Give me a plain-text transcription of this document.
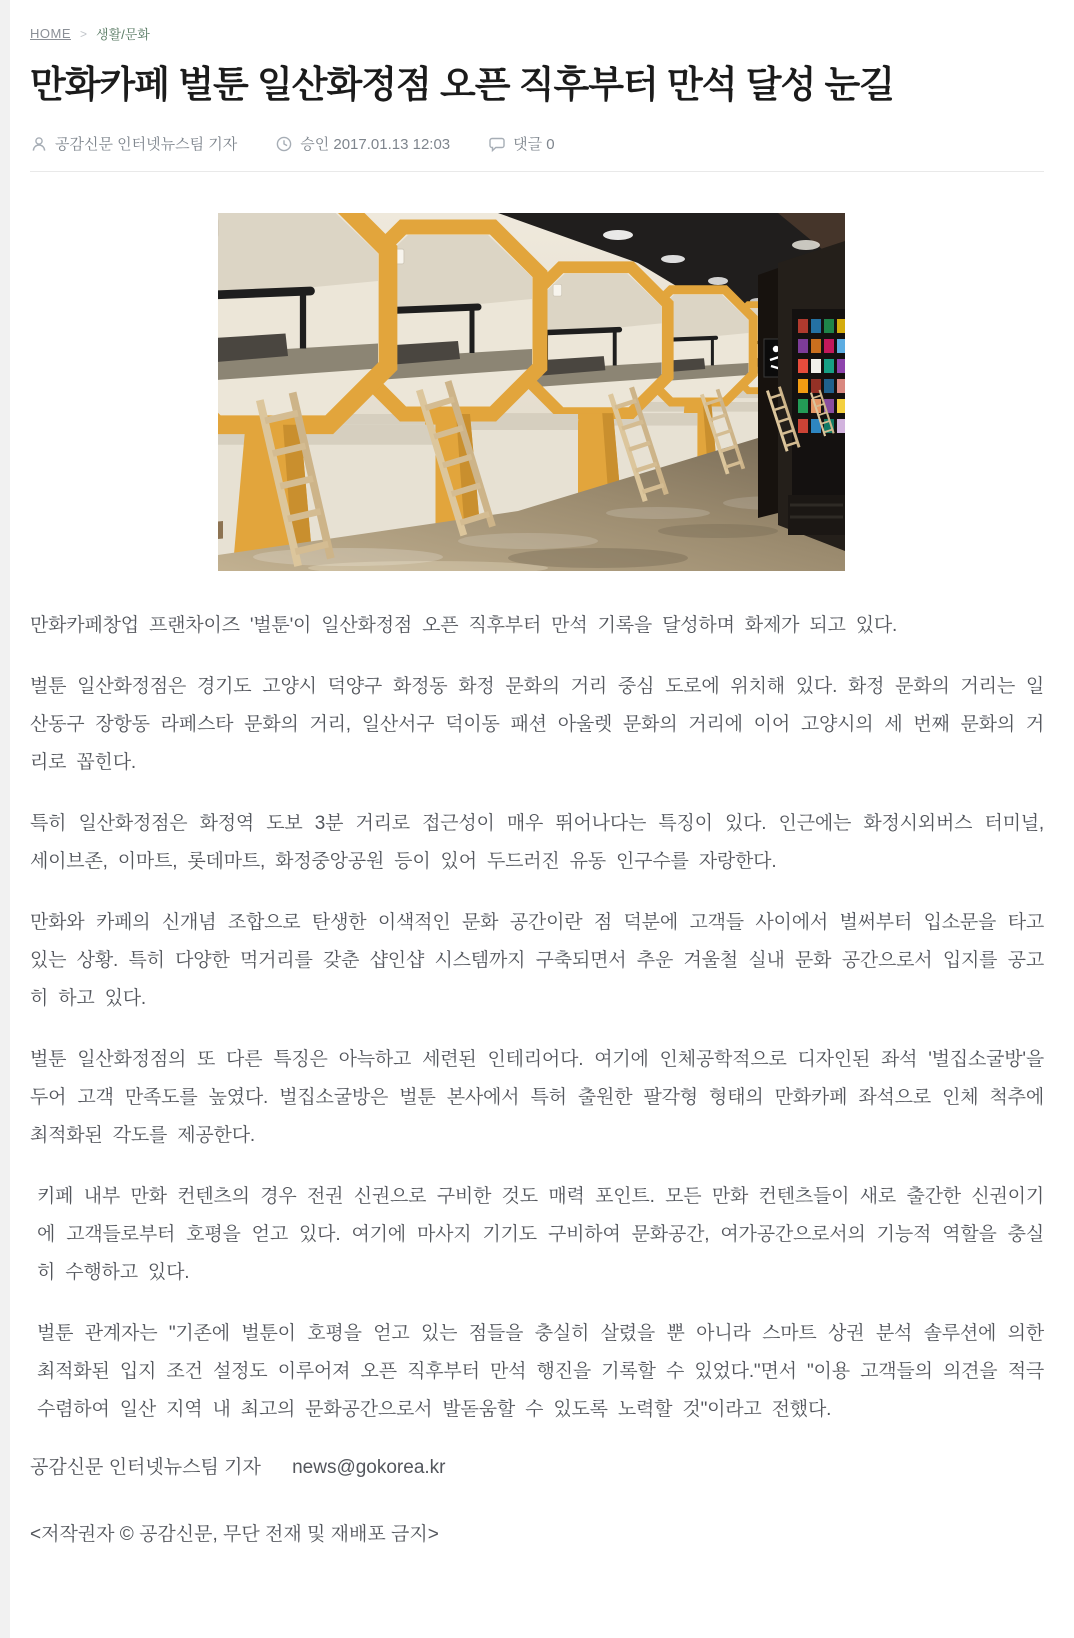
HOME > 생활/문화
만화카페 벌툰 일산화정점 오픈 직후부터 만석 달성 눈길
공감신문 인터넷뉴스팀 기자	승인 2017.01.13 12:03	댓글 0

만화카페창업 프랜차이즈 '벌툰'이 일산화정점 오픈 직후부터 만석 기록을 달성하며 화제가 되고 있다.

벌툰 일산화정점은 경기도 고양시 덕양구 화정동 화정 문화의 거리 중심 도로에 위치해 있다. 화정 문화의 거리는 일산동구 장항동 라페스타 문화의 거리, 일산서구 덕이동 패션 아울렛 문화의 거리에 이어 고양시의 세 번째 문화의 거리로 꼽힌다.

특히 일산화정점은 화정역 도보 3분 거리로 접근성이 매우 뛰어나다는 특징이 있다. 인근에는 화정시외버스 터미널, 세이브존, 이마트, 롯데마트, 화정중앙공원 등이 있어 두드러진 유동 인구수를 자랑한다.

만화와 카페의 신개념 조합으로 탄생한 이색적인 문화 공간이란 점 덕분에 고객들 사이에서 벌써부터 입소문을 타고 있는 상황. 특히 다양한 먹거리를 갖춘 샵인샵 시스템까지 구축되면서 추운 겨울철 실내 문화 공간으로서 입지를 공고히 하고 있다.

벌툰 일산화정점의 또 다른 특징은 아늑하고 세련된 인테리어다. 여기에 인체공학적으로 디자인된 좌석 '벌집소굴방'을 두어 고객 만족도를 높였다. 벌집소굴방은 벌툰 본사에서 특허 출원한 팔각형 형태의 만화카페 좌석으로 인체 척추에 최적화된 각도를 제공한다.

키페 내부 만화 컨텐츠의 경우 전권 신권으로 구비한 것도 매력 포인트. 모든 만화 컨텐츠들이 새로 출간한 신권이기에 고객들로부터 호평을 얻고 있다. 여기에 마사지 기기도 구비하여 문화공간, 여가공간으로서의 기능적 역할을 충실히 수행하고 있다.

벌툰 관계자는 "기존에 벌툰이 호평을 얻고 있는 점들을 충실히 살렸을 뿐 아니라 스마트 상권 분석 솔루션에 의한 최적화된 입지 조건 설정도 이루어져 오픈 직후부터 만석 행진을 기록할 수 있었다."면서 "이용 고객들의 의견을 적극 수렴하여 일산 지역 내 최고의 문화공간으로서 발돋움할 수 있도록 노력할 것"이라고 전했다.

공감신문 인터넷뉴스팀 기자 news@gokorea.kr
<저작권자 © 공감신문, 무단 전재 및 재배포 금지>
